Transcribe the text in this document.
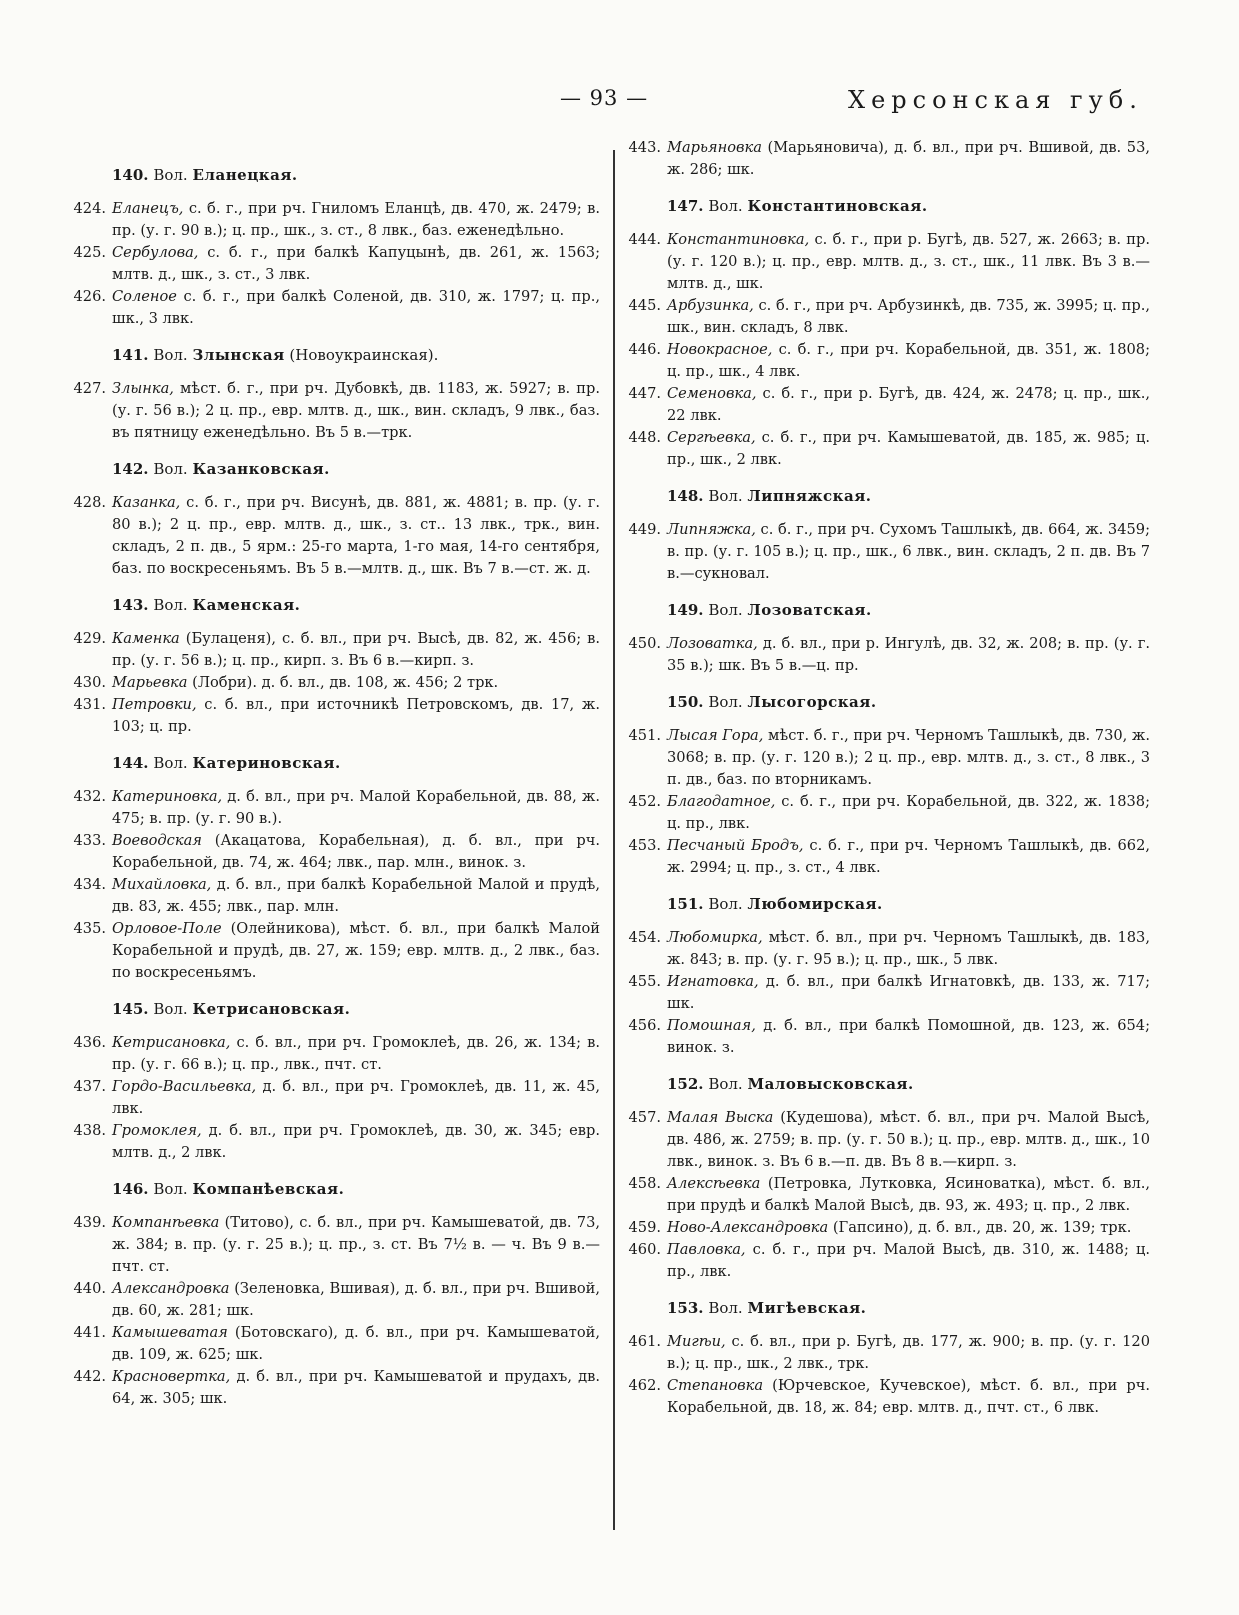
— 93 —	Херсонская губ.
140. Вол. Еланецкая.

424. Еланецъ, с. б. г., при рч. Гниломъ Еланцѣ, дв. 470, ж. 2479; в. пр. (у. г. 90 в.); ц. пр., шк., з. ст., 8 лвк., баз. еженедѣльно.

425. Сербулова, с. б. г., при балкѣ Капуцынѣ, дв. 261, ж. 1563; млтв. д., шк., з. ст., 3 лвк.

426. Соленое с. б. г., при балкѣ Соленой, дв. 310, ж. 1797; ц. пр., шк., 3 лвк.

141. Вол. Злынская (Новоукраинская).

427. Злынка, мѣст. б. г., при рч. Дубовкѣ, дв. 1183, ж. 5927; в. пр. (у. г. 56 в.); 2 ц. пр., евр. млтв. д., шк., вин. складъ, 9 лвк., баз. въ пятницу еженедѣльно. Въ 5 в.—трк.

142. Вол. Казанковская.

428. Казанка, с. б. г., при рч. Висунѣ, дв. 881, ж. 4881; в. пр. (у. г. 80 в.); 2 ц. пр., евр. млтв. д., шк., з. ст.. 13 лвк., трк., вин. складъ, 2 п. дв., 5 ярм.: 25-го марта, 1-го мая, 14-го сентября, баз. по воскресеньямъ. Въ 5 в.—млтв. д., шк. Въ 7 в.—ст. ж. д.

143. Вол. Каменская.

429. Каменка (Булаценя), с. б. вл., при рч. Высѣ, дв. 82, ж. 456; в. пр. (у. г. 56 в.); ц. пр., кирп. з. Въ 6 в.—кирп. з.

430. Марьевка (Лобри). д. б. вл., дв. 108, ж. 456; 2 трк.

431. Петровки, с. б. вл., при источникѣ Петровскомъ, дв. 17, ж. 103; ц. пр.

144. Вол. Катериновская.

432. Катериновка, д. б. вл., при рч. Малой Корабельной, дв. 88, ж. 475; в. пр. (у. г. 90 в.).

433. Воеводская (Акацатова, Корабельная), д. б. вл., при рч. Корабельной, дв. 74, ж. 464; лвк., пар. млн., винок. з.

434. Михайловка, д. б. вл., при балкѣ Корабельной Малой и прудѣ, дв. 83, ж. 455; лвк., пар. млн.

435. Орловое-Поле (Олейникова), мѣст. б. вл., при балкѣ Малой Корабельной и прудѣ, дв. 27, ж. 159; евр. млтв. д., 2 лвк., баз. по воскресеньямъ.

145. Вол. Кетрисановская.

436. Кетрисановка, с. б. вл., при рч. Громоклеѣ, дв. 26, ж. 134; в. пр. (у. г. 66 в.); ц. пр., лвк., пчт. ст.

437. Гордо-Васильевка, д. б. вл., при рч. Громоклеѣ, дв. 11, ж. 45, лвк.

438. Громоклея, д. б. вл., при рч. Громоклеѣ, дв. 30, ж. 345; евр. млтв. д., 2 лвк.

146. Вол. Компанѣевская.

439. Компанѣевка (Титово), с. б. вл., при рч. Камышеватой, дв. 73, ж. 384; в. пр. (у. г. 25 в.); ц. пр., з. ст. Въ 7½ в. — ч. Въ 9 в.—пчт. ст.

440. Александровка (Зеленовка, Вшивая), д. б. вл., при рч. Вшивой, дв. 60, ж. 281; шк.

441. Камышеватая (Ботовскаго), д. б. вл., при рч. Камышеватой, дв. 109, ж. 625; шк.

442. Красновертка, д. б. вл., при рч. Камышеватой и прудахъ, дв. 64, ж. 305; шк.

443. Марьяновка (Марьяновича), д. б. вл., при рч. Вшивой, дв. 53, ж. 286; шк.

147. Вол. Константиновская.

444. Константиновка, с. б. г., при р. Бугѣ, дв. 527, ж. 2663; в. пр. (у. г. 120 в.); ц. пр., евр. млтв. д., з. ст., шк., 11 лвк. Въ 3 в.—млтв. д., шк.

445. Арбузинка, с. б. г., при рч. Арбузинкѣ, дв. 735, ж. 3995; ц. пр., шк., вин. складъ, 8 лвк.

446. Новокрасное, с. б. г., при рч. Корабельной, дв. 351, ж. 1808; ц. пр., шк., 4 лвк.

447. Семеновка, с. б. г., при р. Бугѣ, дв. 424, ж. 2478; ц. пр., шк., 22 лвк.

448. Сергѣевка, с. б. г., при рч. Камышеватой, дв. 185, ж. 985; ц. пр., шк., 2 лвк.

148. Вол. Липняжская.

449. Липняжка, с. б. г., при рч. Сухомъ Ташлыкѣ, дв. 664, ж. 3459; в. пр. (у. г. 105 в.); ц. пр., шк., 6 лвк., вин. складъ, 2 п. дв. Въ 7 в.—сукновал.

149. Вол. Лозоватская.

450. Лозоватка, д. б. вл., при р. Ингулѣ, дв. 32, ж. 208; в. пр. (у. г. 35 в.); шк. Въ 5 в.—ц. пр.

150. Вол. Лысогорская.

451. Лысая Гора, мѣст. б. г., при рч. Черномъ Ташлыкѣ, дв. 730, ж. 3068; в. пр. (у. г. 120 в.); 2 ц. пр., евр. млтв. д., з. ст., 8 лвк., 3 п. дв., баз. по вторникамъ.

452. Благодатное, с. б. г., при рч. Корабельной, дв. 322, ж. 1838; ц. пр., лвк.

453. Песчаный Бродъ, с. б. г., при рч. Черномъ Ташлыкѣ, дв. 662, ж. 2994; ц. пр., з. ст., 4 лвк.

151. Вол. Любомирская.

454. Любомирка, мѣст. б. вл., при рч. Черномъ Ташлыкѣ, дв. 183, ж. 843; в. пр. (у. г. 95 в.); ц. пр., шк., 5 лвк.

455. Игнатовка, д. б. вл., при балкѣ Игнатовкѣ, дв. 133, ж. 717; шк.

456. Помошная, д. б. вл., при балкѣ Помошной, дв. 123, ж. 654; винок. з.

152. Вол. Маловысковская.

457. Малая Выска (Кудешова), мѣст. б. вл., при рч. Малой Высѣ, дв. 486, ж. 2759; в. пр. (у. г. 50 в.); ц. пр., евр. млтв. д., шк., 10 лвк., винок. з. Въ 6 в.—п. дв. Въ 8 в.—кирп. з.

458. Алексѣевка (Петровка, Лутковка, Ясиноватка), мѣст. б. вл., при прудѣ и балкѣ Малой Высѣ, дв. 93, ж. 493; ц. пр., 2 лвк.

459. Ново-Александровка (Гапсино), д. б. вл., дв. 20, ж. 139; трк.

460. Павловка, с. б. г., при рч. Малой Высѣ, дв. 310, ж. 1488; ц. пр., лвк.

153. Вол. Мигѣевская.

461. Мигѣи, с. б. вл., при р. Бугѣ, дв. 177, ж. 900; в. пр. (у. г. 120 в.); ц. пр., шк., 2 лвк., трк.

462. Степановка (Юрчевское, Кучевское), мѣст. б. вл., при рч. Корабельной, дв. 18, ж. 84; евр. млтв. д., пчт. ст., 6 лвк.
